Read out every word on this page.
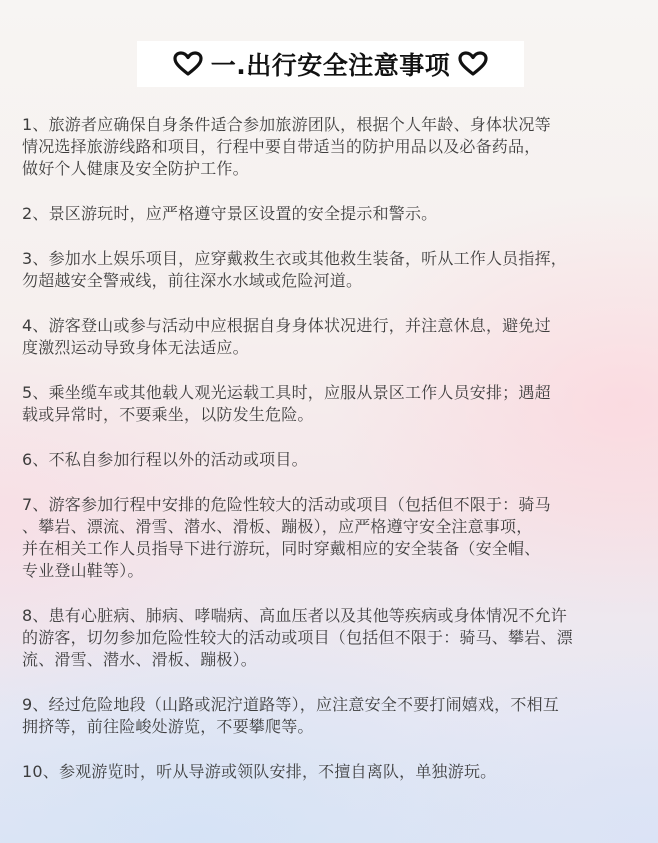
一.出行安全注意事项
1、旅游者应确保自身条件适合参加旅游团队，根据个人年龄、身体状况等
情况选择旅游线路和项目，行程中要自带适当的防护用品以及必备药品，
做好个人健康及安全防护工作。
2、景区游玩时，应严格遵守景区设置的安全提示和警示。
3、参加水上娱乐项目，应穿戴救生衣或其他救生装备，听从工作人员指挥，
勿超越安全警戒线，前往深水水域或危险河道。
4、游客登山或参与活动中应根据自身身体状况进行，并注意休息，避免过
度激烈运动导致身体无法适应。
5、乘坐缆车或其他载人观光运载工具时，应服从景区工作人员安排；遇超
载或异常时，不要乘坐，以防发生危险。
6、不私自参加行程以外的活动或项目。
7、游客参加行程中安排的危险性较大的活动或项目（包括但不限于：骑马
、攀岩、漂流、滑雪、潜水、滑板、蹦极），应严格遵守安全注意事项，
并在相关工作人员指导下进行游玩，同时穿戴相应的安全装备（安全帽、
专业登山鞋等）。
8、患有心脏病、肺病、哮喘病、高血压者以及其他等疾病或身体情况不允许
的游客，切勿参加危险性较大的活动或项目（包括但不限于：骑马、攀岩、漂
流、滑雪、潜水、滑板、蹦极）。
9、经过危险地段（山路或泥泞道路等），应注意安全不要打闹嬉戏，不相互
拥挤等，前往险峻处游览，不要攀爬等。
10、参观游览时，听从导游或领队安排，不擅自离队，单独游玩。
